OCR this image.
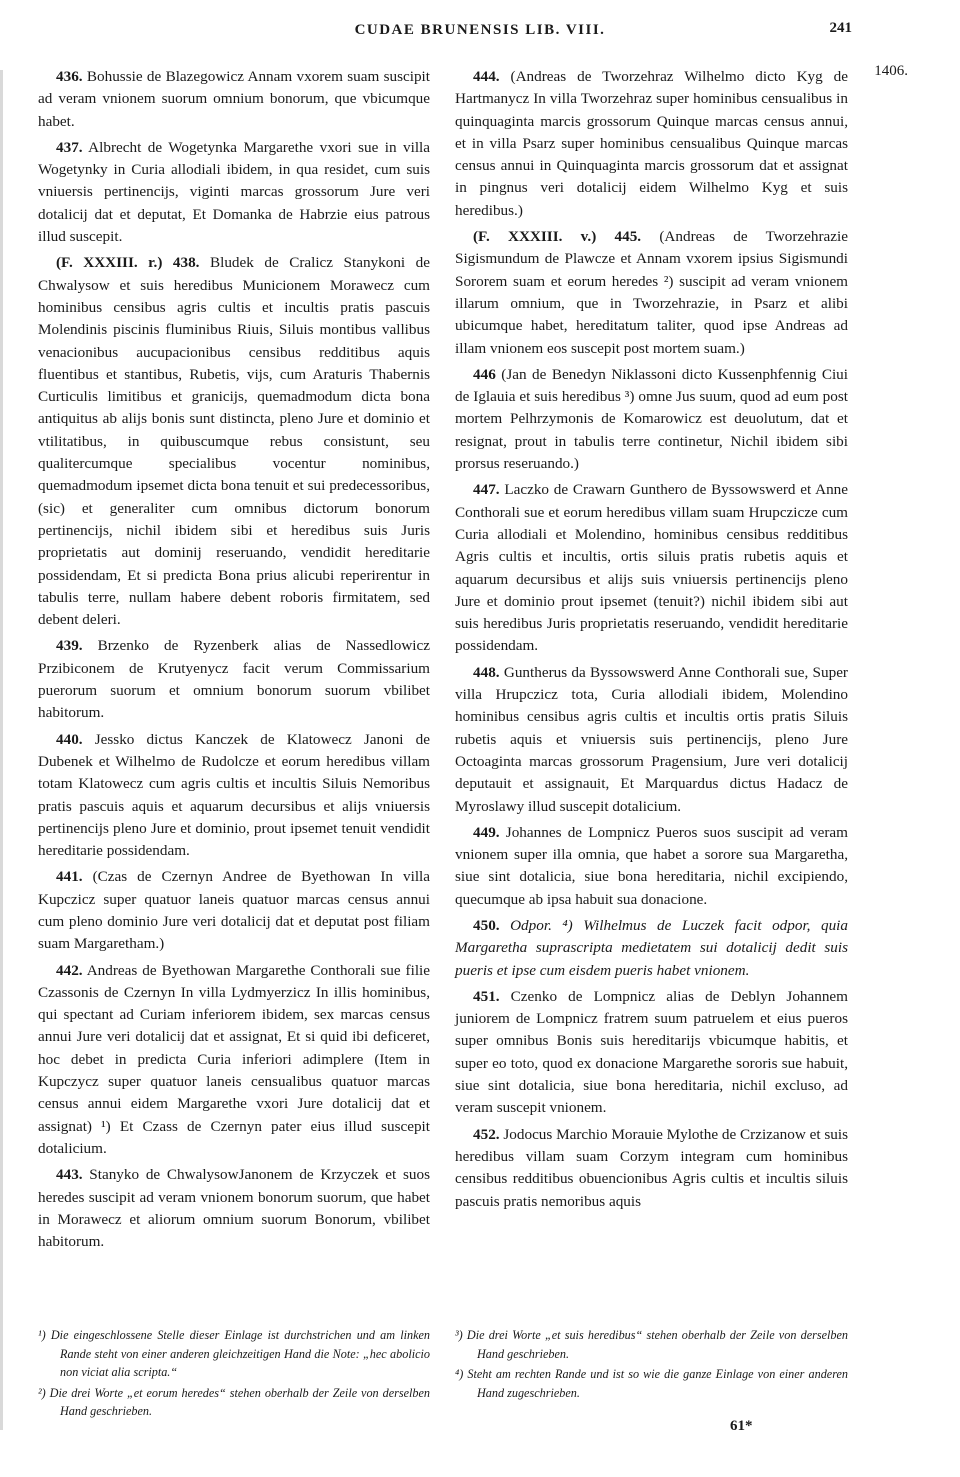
CUDAE BRUNENSIS LIB. VIII.	241
1406.

436. Bohussie de Blazegowicz Annam vxorem suam suscipit ad veram vnionem suorum omnium bonorum, que vbicumque habet.

437. Albrecht de Wogetynka Margarethe vxori sue in villa Wogetynky in Curia allodiali ibidem, in qua residet, cum suis vniuersis pertinencijs, viginti marcas grossorum Jure veri dotalicij dat et deputat, Et Domanka de Habrzie eius patrous illud suscepit.

(F. XXXIII. r.) 438. Bludek de Cralicz Stanykoni de Chwalysow et suis heredibus Municionem Morawecz cum hominibus censibus agris cultis et incultis pratis pascuis Molendinis piscinis fluminibus Riuis, Siluis montibus vallibus venacionibus aucupacionibus censibus redditibus aquis fluentibus et stantibus, Rubetis, vijs, cum Araturis Thabernis Curticulis limitibus et granicijs, quemadmodum dicta bona antiquitus ab alijs bonis sunt distincta, pleno Jure et dominio et vtilitatibus, in quibuscumque rebus consistunt, seu qualitercumque specialibus vocentur nominibus, quemadmodum ipsemet dicta bona tenuit et sui predecessoribus, (sic) et generaliter cum omnibus dictorum bonorum pertinencijs, nichil ibidem sibi et heredibus suis Juris proprietatis aut dominij reseruando, vendidit hereditarie possidendam, Et si predicta Bona prius alicubi reperirentur in tabulis terre, nullam habere debent roboris firmitatem, sed debent deleri.

439. Brzenko de Ryzenberk alias de Nassedlowicz Przibiconem de Krutyenycz facit verum Commissarium puerorum suorum et omnium bonorum suorum vbilibet habitorum.

440. Jessko dictus Kanczek de Klatowecz Janoni de Dubenek et Wilhelmo de Rudolcze et eorum heredibus villam totam Klatowecz cum agris cultis et incultis Siluis Nemoribus pratis pascuis aquis et aquarum decursibus et alijs vniuersis pertinencijs pleno Jure et dominio, prout ipsemet tenuit vendidit hereditarie possidendam.

441. (Czas de Czernyn Andree de Byethowan In villa Kupczicz super quatuor laneis quatuor marcas census annui cum pleno dominio Jure veri dotalicij dat et deputat post filiam suam Margaretham.)

442. Andreas de Byethowan Margarethe Conthorali sue filie Czassonis de Czernyn In villa Lydmyerzicz In illis hominibus, qui spectant ad Curiam inferiorem ibidem, sex marcas census annui Jure veri dotalicij dat et assignat, Et si quid ibi deficeret, hoc debet in predicta Curia inferiori adimplere (Item in Kupczycz super quatuor laneis censualibus quatuor marcas census annui eidem Margarethe vxori Jure dotalicij dat et assignat) ¹) Et Czass de Czernyn pater eius illud suscepit dotalicium.

443. Stanyko de ChwalysowJanonem de Krzyczek et suos heredes suscipit ad veram vnionem bonorum suorum, que habet in Morawecz et aliorum omnium suorum Bonorum, vbilibet habitorum.

444. (Andreas de Tworzehraz Wilhelmo dicto Kyg de Hartmanycz In villa Tworzehraz super hominibus censualibus in quinquaginta marcis grossorum Quinque marcas census annui, et in villa Psarz super hominibus censualibus Quinque marcas census annui in Quinquaginta marcis grossorum dat et assignat in pingnus veri dotalicij eidem Wilhelmo Kyg et suis heredibus.)

(F. XXXIII. v.) 445. (Andreas de Tworzehrazie Sigismundum de Plawcze et Annam vxorem ipsius Sigismundi Sororem suam et eorum heredes ²) suscipit ad veram vnionem illarum omnium, que in Tworzehrazie, in Psarz et alibi ubicumque habet, hereditatum taliter, quod ipse Andreas ad illam vnionem eos suscepit post mortem suam.)

446 (Jan de Benedyn Niklassoni dicto Kussenphfennig Ciui de Iglauia et suis heredibus ³) omne Jus suum, quod ad eum post mortem Pelhrzymonis de Komarowicz est deuolutum, dat et resignat, prout in tabulis terre continetur, Nichil ibidem sibi prorsus reseruando.)

447. Laczko de Crawarn Gunthero de Byssowswerd et Anne Conthorali sue et eorum heredibus villam suam Hrupczicze cum Curia allodiali et Molendino, hominibus censibus redditibus Agris cultis et incultis, ortis siluis pratis rubetis aquis et aquarum decursibus et alijs suis vniuersis pertinencijs pleno Jure et dominio prout ipsemet (tenuit?) nichil ibidem sibi aut suis heredibus Juris proprietatis reseruando, vendidit hereditarie possidendam.

448. Guntherus da Byssowswerd Anne Conthorali sue, Super villa Hrupczicz tota, Curia allodiali ibidem, Molendino hominibus censibus agris cultis et incultis ortis pratis Siluis rubetis aquis et vniuersis suis pertinencijs, pleno Jure Octoaginta marcas grossorum Pragensium, Jure veri dotalicij deputauit et assignauit, Et Marquardus dictus Hadacz de Myroslawy illud suscepit dotalicium.

449. Johannes de Lompnicz Pueros suos suscipit ad veram vnionem super illa omnia, que habet a sorore sua Margaretha, siue sint dotalicia, siue bona hereditaria, nichil excipiendo, quecumque ab ipsa habuit sua donacione.

450. Odpor. ⁴) Wilhelmus de Luczek facit odpor, quia Margaretha suprascripta medietatem sui dotalicij dedit suis pueris et ipse cum eisdem pueris habet vnionem.

451. Czenko de Lompnicz alias de Deblyn Johannem juniorem de Lompnicz fratrem suum patruelem et eius pueros super omnibus Bonis suis hereditarijs vbicumque habitis, et super eo toto, quod ex donacione Margarethe sororis sue habuit, siue sint dotalicia, siue bona hereditaria, nichil excluso, ad veram suscepit vnionem.

452. Jodocus Marchio Morauie Mylothe de Crzizanow et suis heredibus villam suam Corzym integram cum hominibus censibus redditibus obuencionibus Agris cultis et incultis siluis pascuis pratis nemoribus aquis

¹) Die eingeschlossene Stelle dieser Einlage ist durchstrichen und am linken Rande steht von einer anderen gleichzeitigen Hand die Note: „hec abolicio non viciat alia scripta.“
²) Die drei Worte „et eorum heredes“ stehen oberhalb der Zeile von derselben Hand geschrieben.
³) Die drei Worte „et suis heredibus“ stehen oberhalb der Zeile von derselben Hand geschrieben.
⁴) Steht am rechten Rande und ist so wie die ganze Einlage von einer anderen Hand zugeschrieben.
61*
